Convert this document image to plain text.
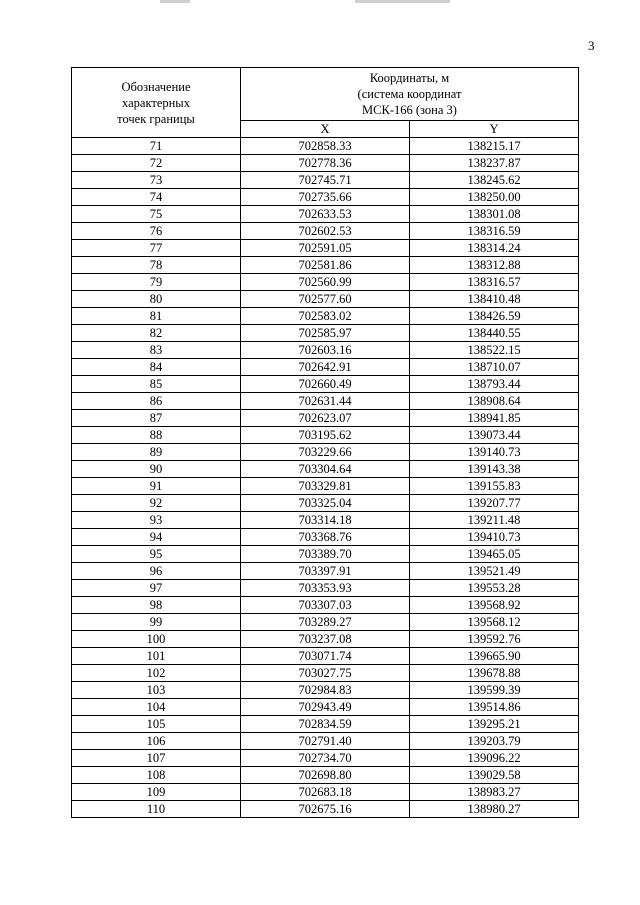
3
Обозначение
характерных
точек границы	Координаты, м
(система координат
МСК-166 (зона 3)	

	X	Y
71	702858.33	138215.17
72	702778.36	138237.87
73	702745.71	138245.62
74	702735.66	138250.00
75	702633.53	138301.08
76	702602.53	138316.59
77	702591.05	138314.24
78	702581.86	138312.88
79	702560.99	138316.57
80	702577.60	138410.48
81	702583.02	138426.59
82	702585.97	138440.55
83	702603.16	138522.15
84	702642.91	138710.07
85	702660.49	138793.44
86	702631.44	138908.64
87	702623.07	138941.85
88	703195.62	139073.44
89	703229.66	139140.73
90	703304.64	139143.38
91	703329.81	139155.83
92	703325.04	139207.77
93	703314.18	139211.48
94	703368.76	139410.73
95	703389.70	139465.05
96	703397.91	139521.49
97	703353.93	139553.28
98	703307.03	139568.92
99	703289.27	139568.12
100	703237.08	139592.76
101	703071.74	139665.90
102	703027.75	139678.88
103	702984.83	139599.39
104	702943.49	139514.86
105	702834.59	139295.21
106	702791.40	139203.79
107	702734.70	139096.22
108	702698.80	139029.58
109	702683.18	138983.27
110	702675.16	138980.27
